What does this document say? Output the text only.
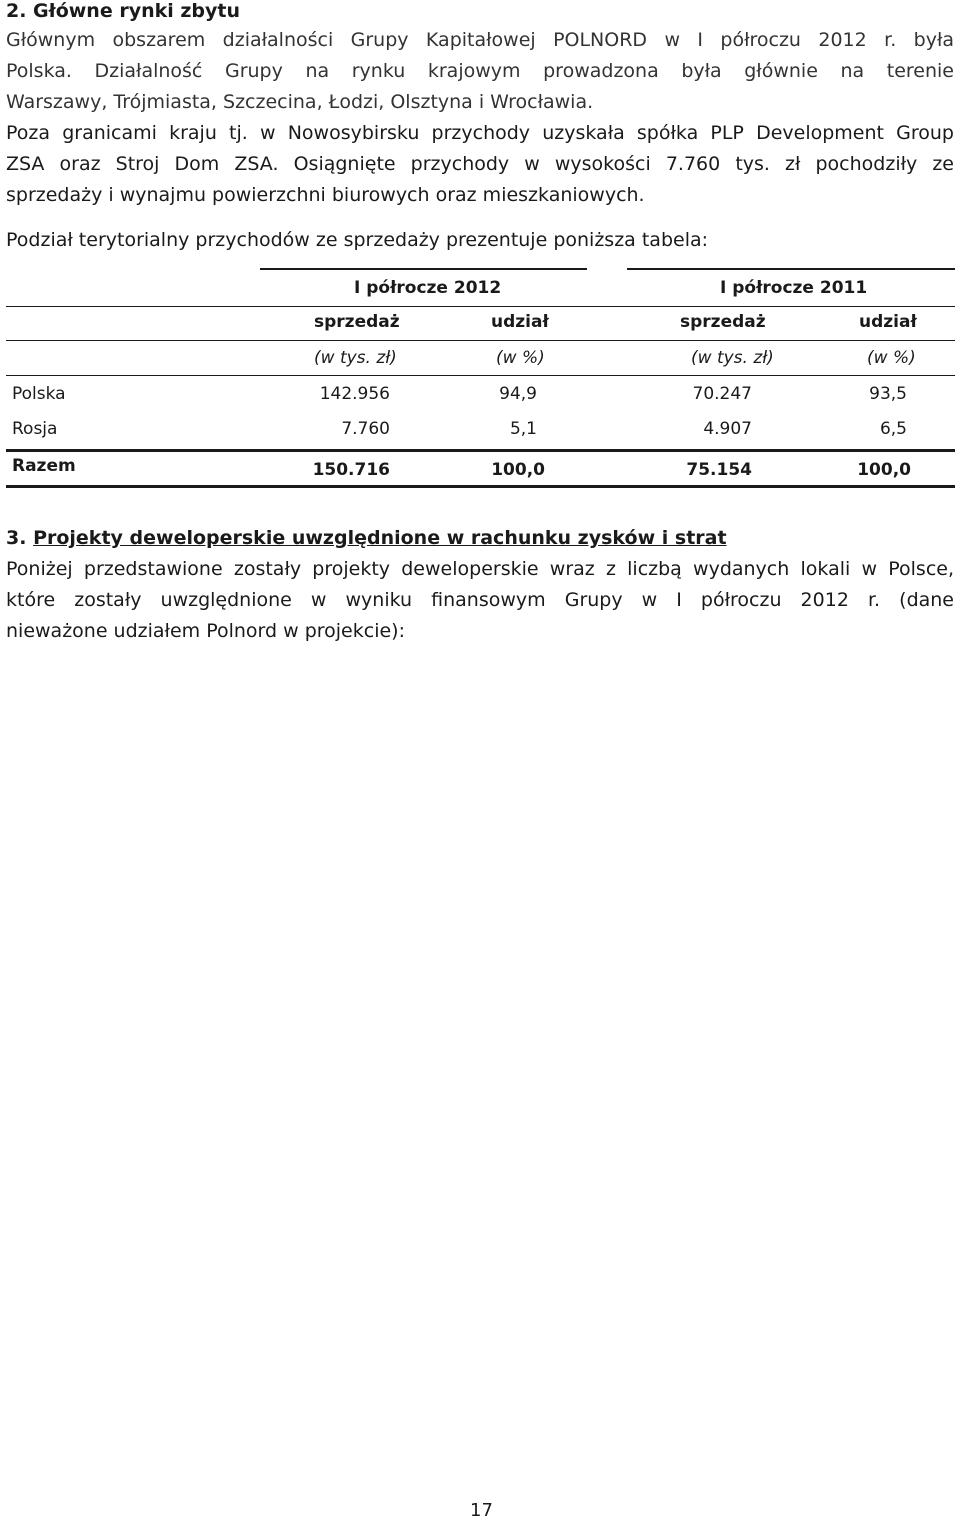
2. Główne rynki zbytu
Głównym obszarem działalności Grupy Kapitałowej POLNORD w I półroczu 2012 r. była
Polska. Działalność Grupy na rynku krajowym prowadzona była głównie na terenie
Warszawy, Trójmiasta, Szczecina, Łodzi, Olsztyna i Wrocławia.
Poza granicami kraju tj. w Nowosybirsku przychody uzyskała spółka PLP Development Group
ZSA oraz Stroj Dom ZSA. Osiągnięte przychody w wysokości 7.760 tys. zł pochodziły ze
sprzedaży i wynajmu powierzchni biurowych oraz mieszkaniowych.
Podział terytorialny przychodów ze sprzedaży prezentuje poniższa tabela:
I półrocze 2012	I półrocze 2011
sprzedaż	udział	sprzedaż	udział
(w tys. zł)	(w %)	(w tys. zł)	(w %)
Polska	142.956	94,9	70.247	93,5
Rosja	7.760	5,1	4.907	6,5
Razem	150.716	100,0	75.154	100,0
3. Projekty deweloperskie uwzględnione w rachunku zysków i strat
Poniżej przedstawione zostały projekty deweloperskie wraz z liczbą wydanych lokali w Polsce,
które zostały uwzględnione w wyniku finansowym Grupy w I półroczu 2012 r. (dane
nieważone udziałem Polnord w projekcie):
17
